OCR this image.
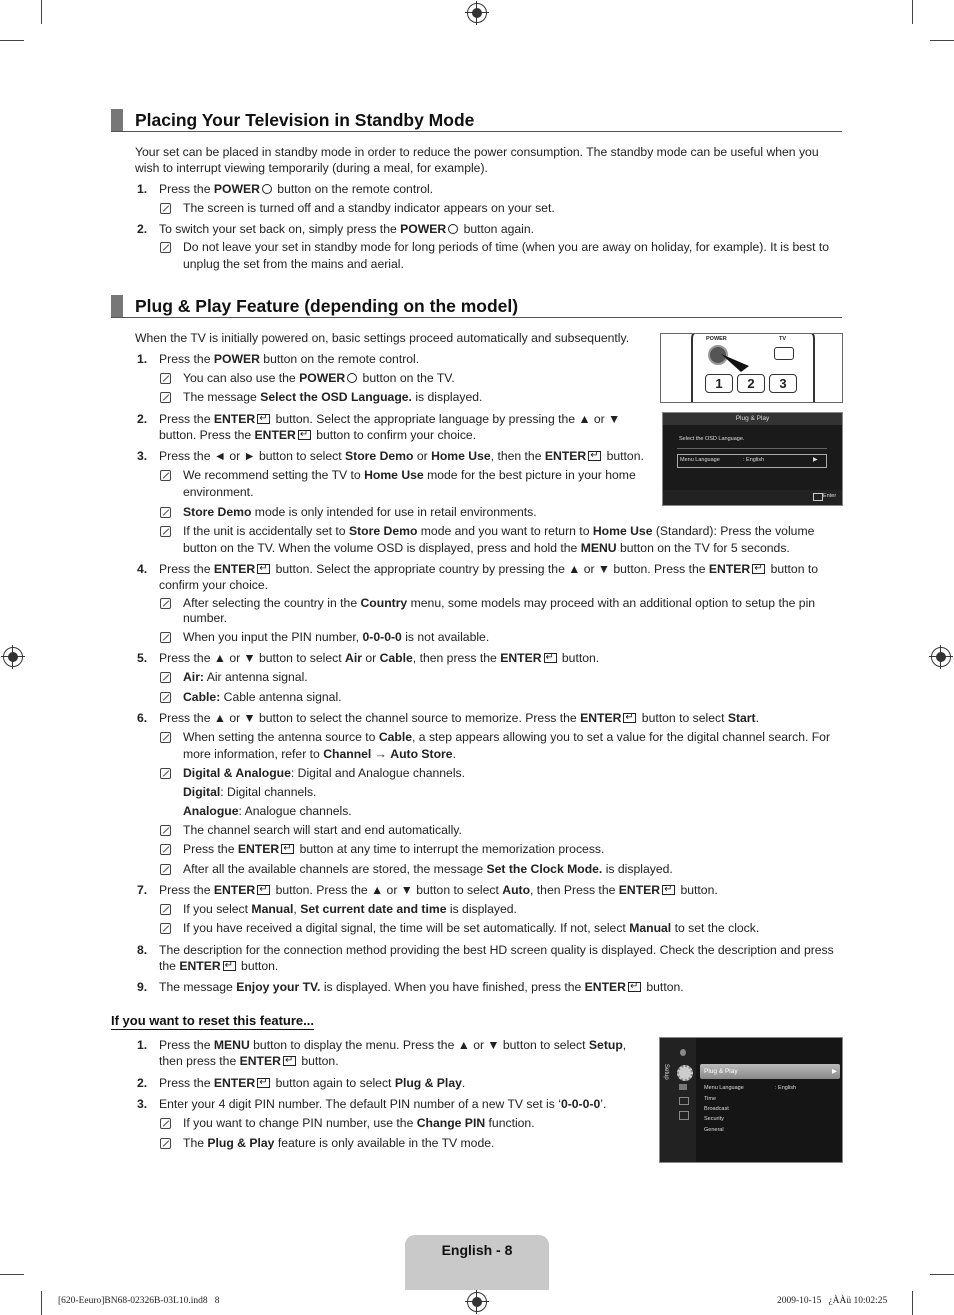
Placing Your Television in Standby Mode
Your set can be placed in standby mode in order to reduce the power consumption. The standby mode can be useful when you
wish to interrupt viewing temporarily (during a meal, for example).
1. Press the POWER button on the remote control.
The screen is turned off and a standby indicator appears on your set.
2. To switch your set back on, simply press the POWER button again.
Do not leave your set in standby mode for long periods of time (when you are away on holiday, for example). It is best to
unplug the set from the mains and aerial.
Plug & Play Feature (depending on the model)
When the TV is initially powered on, basic settings proceed automatically and subsequently.
1. Press the POWER button on the remote control.
You can also use the POWER button on the TV.
The message Select the OSD Language. is displayed.
2. Press the ENTER↵ button. Select the appropriate language by pressing the ▲ or ▼
button. Press the ENTER↵ button to confirm your choice.
3. Press the ◄ or ► button to select Store Demo or Home Use, then the ENTER↵ button.
We recommend setting the TV to Home Use mode for the best picture in your home
environment.
Store Demo mode is only intended for use in retail environments.
If the unit is accidentally set to Store Demo mode and you want to return to Home Use (Standard): Press the volume
button on the TV. When the volume OSD is displayed, press and hold the MENU button on the TV for 5 seconds.
4. Press the ENTER↵ button. Select the appropriate country by pressing the ▲ or ▼ button. Press the ENTER↵ button to
confirm your choice.
After selecting the country in the Country menu, some models may proceed with an additional option to setup the pin
number.
When you input the PIN number, 0-0-0-0 is not available.
5. Press the ▲ or ▼ button to select Air or Cable, then press the ENTER↵ button.
Air: Air antenna signal.
Cable: Cable antenna signal.
6. Press the ▲ or ▼ button to select the channel source to memorize. Press the ENTER↵ button to select Start.
When setting the antenna source to Cable, a step appears allowing you to set a value for the digital channel search. For
more information, refer to Channel → Auto Store.
Digital & Analogue: Digital and Analogue channels.
Digital: Digital channels.
Analogue: Analogue channels.
The channel search will start and end automatically.
Press the ENTER↵ button at any time to interrupt the memorization process.
After all the available channels are stored, the message Set the Clock Mode. is displayed.
7. Press the ENTER↵ button. Press the ▲ or ▼ button to select Auto, then Press the ENTER↵ button.
If you select Manual, Set current date and time is displayed.
If you have received a digital signal, the time will be set automatically. If not, select Manual to set the clock.
8. The description for the connection method providing the best HD screen quality is displayed. Check the description and press
the ENTER↵ button.
9. The message Enjoy your TV. is displayed. When you have finished, press the ENTER↵ button.
If you want to reset this feature...
1. Press the MENU button to display the menu. Press the ▲ or ▼ button to select Setup,
then press the ENTER↵ button.
2. Press the ENTER↵ button again to select Plug & Play.
3. Enter your 4 digit PIN number. The default PIN number of a new TV set is ‘0-0-0-0’.
If you want to change PIN number, use the Change PIN function.
The Plug & Play feature is only available in the TV mode.
POWER	TV
1	2	3
Plug & Play
Select the OSD Language.
Menu Language	: English	▶
Enter
Setup	Plug & Play	▶
Menu Language	: English
Time
Broadcast
Security
General
English - 8
[620-Eeuro]BN68-02326B-03L10.ind8   8	2009-10-15   ¿ÀÀü 10:02:25
